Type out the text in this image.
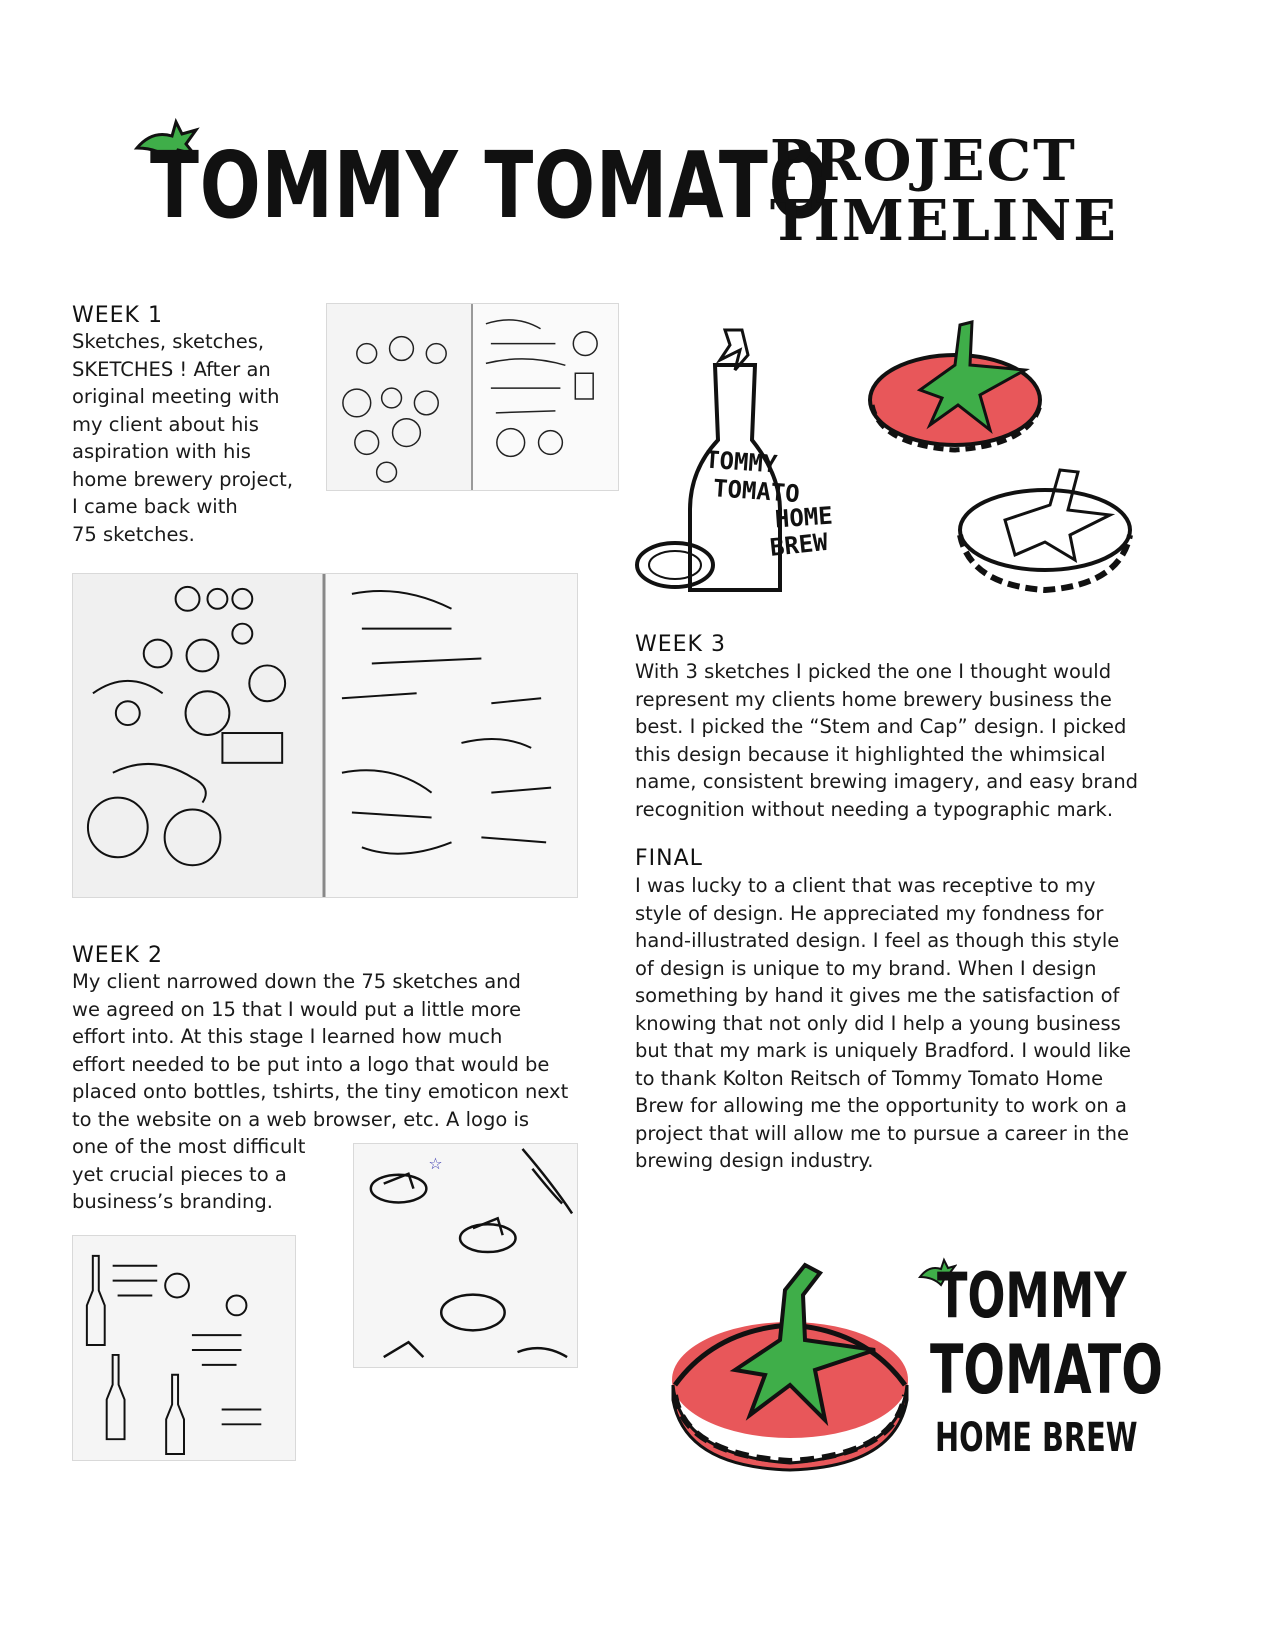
TOMMY TOMATO
PROJECT
TIMELINE
WEEK 1
Sketches, sketches,
SKETCHES ! After an
original meeting with
my client about his
aspiration with his
home brewery project,
I came back with
75 sketches.
WEEK 2
My client narrowed down the 75 sketches and
we agreed on 15 that I would put a little more
effort into. At this stage I learned how much
effort needed to be put into a logo that would be
placed onto bottles, tshirts, the tiny emoticon next
to the website on a web browser, etc. A logo is
one of the most difficult
yet crucial pieces to a
business’s branding.
☆
TOMMY
TOMATO
HOME
BREW
WEEK 3
With 3 sketches I picked the one I thought would
represent my clients home brewery business the
best. I picked the “Stem and Cap” design. I picked
this design because it highlighted the whimsical
name, consistent brewing imagery, and easy brand
recognition without needing a typographic mark.
FINAL
I was lucky to a client that was receptive to my
style of design. He appreciated my fondness for
hand-illustrated design. I feel as though this style
of design is unique to my brand. When I design
something by hand it gives me the satisfaction of
knowing that not only did I help a young business
but that my mark is uniquely Bradford. I would like
to thank Kolton Reitsch of Tommy Tomato Home
Brew for allowing me the opportunity to work on a
project that will allow me to pursue a career in the
brewing design industry.
TOMMY
TOMATO
HOME BREW
